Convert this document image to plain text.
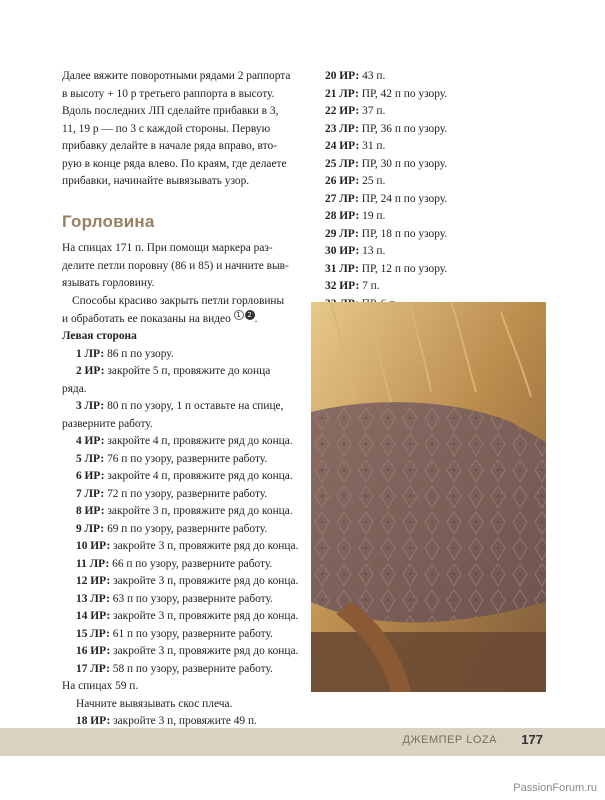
Далее вяжите поворотными рядами 2 раппорта

в высоту + 10 р третьего раппорта в высоту.

Вдоль последних ЛП сделайте прибавки в 3,

11, 19 р — по 3 с каждой стороны. Первую

прибавку делайте в начале ряда вправо, вто-

рую в конце ряда влево. По краям, где делаете

прибавки, начинайте вывязывать узор.

Горловина

На спицах 171 п. При помощи маркера раз-

делите петли поровну (86 и 85) и начните выв-

язывать горловину.

Способы красиво закрыть петли горловины

и обработать ее показаны на видео 1 2 .

Левая сторона

1 ЛР: 86 п по узору.

2 ИР: закройте 5 п, провяжите до конца

ряда.

3 ЛР: 80 п по узору, 1 п оставьте на спице,

разверните работу.

4 ИР: закройте 4 п, провяжите ряд до конца.

5 ЛР: 76 п по узору, разверните работу.

6 ИР: закройте 4 п, провяжите ряд до конца.

7 ЛР: 72 п по узору, разверните работу.

8 ИР: закройте 3 п, провяжите ряд до конца.

9 ЛР: 69 п по узору, разверните работу.

10 ИР: закройте 3 п, провяжите ряд до конца.

11 ЛР: 66 п по узору, разверните работу.

12 ИР: закройте 3 п, провяжите ряд до конца.

13 ЛР: 63 п по узору, разверните работу.

14 ИР: закройте 3 п, провяжите ряд до конца.

15 ЛР: 61 п по узору, разверните работу.

16 ИР: закройте 3 п, провяжите ряд до конца.

17 ЛР: 58 п по узору, разверните работу.

На спицах 59 п.

Начните вывязывать скос плеча.

18 ИР: закройте 3 п, провяжите 49 п.

20 ИР: 43 п.

21 ЛР: ПР, 42 п по узору.

22 ИР: 37 п.

23 ЛР: ПР, 36 п по узору.

24 ИР: 31 п.

25 ЛР: ПР, 30 п по узору.

26 ИР: 25 п.

27 ЛР: ПР, 24 п по узору.

28 ИР: 19 п.

29 ЛР: ПР, 18 п по узору.

30 ИР: 13 п.

31 ЛР: ПР, 12 п по узору.

32 ИР: 7 п.

ДЖЕМПЕР LOZA 177
PassionForum.ru
